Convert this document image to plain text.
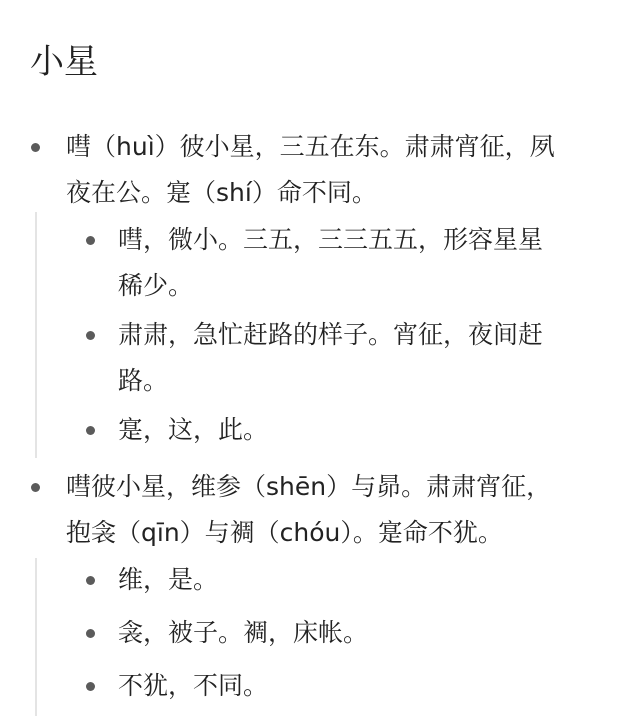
小星
嘒（huì）彼小星，三五在东。肃肃宵征，夙
夜在公。寔（shí）命不同。
嘒，微小。三五，三三五五，形容星星
稀少。
肃肃，急忙赶路的样子。宵征，夜间赶
路。
寔，这，此。
嘒彼小星，维参（shēn）与昴。肃肃宵征，
抱衾（qīn）与裯（chóu）。寔命不犹。
维，是。
衾，被子。裯，床帐。
不犹，不同。
